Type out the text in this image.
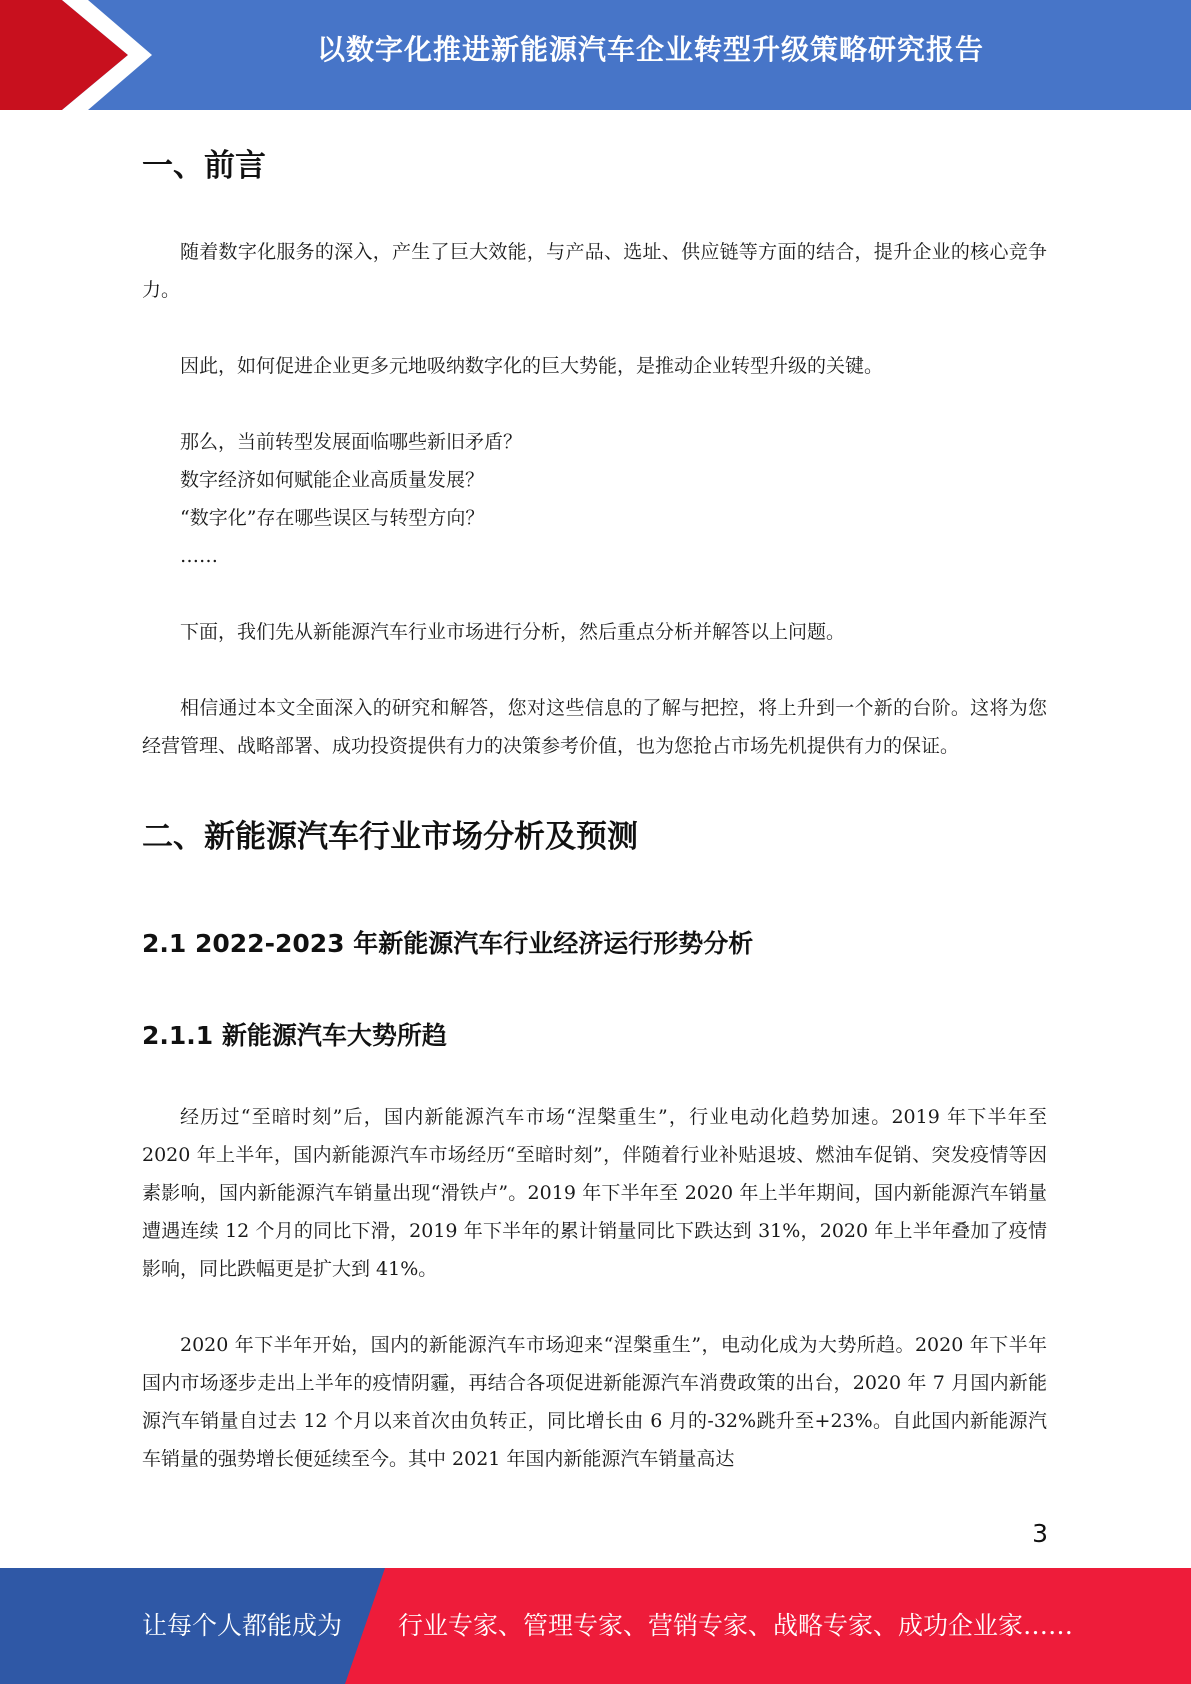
以数字化推进新能源汽车企业转型升级策略研究报告
一、前言

随着数字化服务的深入，产生了巨大效能，与产品、选址、供应链等方面的结合，提升企业的核心竞争力。

因此，如何促进企业更多元地吸纳数字化的巨大势能，是推动企业转型升级的关键。

那么，当前转型发展面临哪些新旧矛盾？

数字经济如何赋能企业高质量发展？

“数字化”存在哪些误区与转型方向？

……

下面，我们先从新能源汽车行业市场进行分析，然后重点分析并解答以上问题。

相信通过本文全面深入的研究和解答，您对这些信息的了解与把控，将上升到一个新的台阶。这将为您经营管理、战略部署、成功投资提供有力的决策参考价值，也为您抢占市场先机提供有力的保证。

二、新能源汽车行业市场分析及预测
2.1 2022-2023 年新能源汽车行业经济运行形势分析
2.1.1 新能源汽车大势所趋

经历过“至暗时刻”后，国内新能源汽车市场“涅槃重生”，行业电动化趋势加速。2019 年下半年至 2020 年上半年，国内新能源汽车市场经历“至暗时刻”，伴随着行业补贴退坡、燃油车促销、突发疫情等因素影响，国内新能源汽车销量出现“滑铁卢”。2019 年下半年至 2020 年上半年期间，国内新能源汽车销量遭遇连续 12 个月的同比下滑，2019 年下半年的累计销量同比下跌达到 31%，2020 年上半年叠加了疫情影响，同比跌幅更是扩大到 41%。

2020 年下半年开始，国内的新能源汽车市场迎来“涅槃重生”，电动化成为大势所趋。2020 年下半年国内市场逐步走出上半年的疫情阴霾，再结合各项促进新能源汽车消费政策的出台，2020 年 7 月国内新能源汽车销量自过去 12 个月以来首次由负转正，同比增长由 6 月的-32%跳升至+23%。自此国内新能源汽车销量的强势增长便延续至今。其中 2021 年国内新能源汽车销量高达

3
让每个人都能成为 行业专家、管理专家、营销专家、战略专家、成功企业家……
